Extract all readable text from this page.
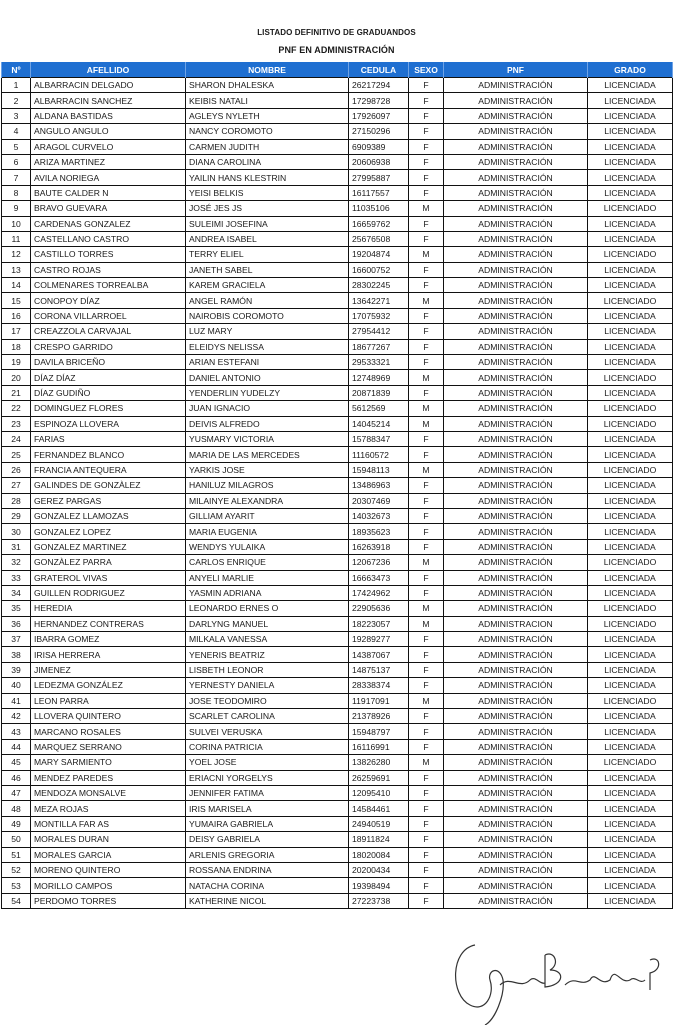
LISTADO DEFINITIVO DE GRADUANDOS
PNF EN ADMINISTRACIÓN
Nº	AFELLIDO	NOMBRE	CEDULA	SEXO	PNF	GRADO
1	ALBARRACIN DELGADO	SHARON DHALESKA	26217294	F	ADMINISTRACIÓN	LICENCIADA
2	ALBARRACIN SANCHEZ	KEIBIS NATALI	17298728	F	ADMINISTRACIÓN	LICENCIADA
3	ALDANA BASTIDAS	AGLEYS NYLETH	17926097	F	ADMINISTRACIÓN	LICENCIADA
4	ANGULO ANGULO	NANCY COROMOTO	27150296	F	ADMINISTRACIÓN	LICENCIADA
5	ARAGOL CURVELO	CARMEN JUDITH	6909389	F	ADMINISTRACIÓN	LICENCIADA
6	ARIZA MARTINEZ	DIANA CAROLINA	20606938	F	ADMINISTRACIÓN	LICENCIADA
7	AVILA NORIEGA	YAILIN HANS KLESTRIN	27995887	F	ADMINISTRACIÓN	LICENCIADA
8	BAUTE CALDER N	YEISI BELKIS	16117557	F	ADMINISTRACIÓN	LICENCIADA
9	BRAVO GUEVARA	JOSÉ JES JS	11035106	M	ADMINISTRACIÓN	LICENCIADO
10	CARDENAS GONZALEZ	SULEIMI JOSEFINA	16659762	F	ADMINISTRACIÓN	LICENCIADA
11	CASTELLANO CASTRO	ANDREA ISABEL	25676508	F	ADMINISTRACIÓN	LICENCIADA
12	CASTILLO TORRES	TERRY ELIEL	19204874	M	ADMINISTRACIÓN	LICENCIADO
13	CASTRO ROJAS	JANETH SABEL	16600752	F	ADMINISTRACIÓN	LICENCIADA
14	COLMENARES TORREALBA	KAREM GRACIELA	28302245	F	ADMINISTRACIÓN	LICENCIADA
15	CONOPOY DÍAZ	ANGEL RAMÓN	13642271	M	ADMINISTRACIÓN	LICENCIADO
16	CORONA VILLARROEL	NAIROBIS COROMOTO	17075932	F	ADMINISTRACIÓN	LICENCIADA
17	CREAZZOLA CARVAJAL	LUZ MARY	27954412	F	ADMINISTRACIÓN	LICENCIADA
18	CRESPO GARRIDO	ELEIDYS NELISSA	18677267	F	ADMINISTRACIÓN	LICENCIADA
19	DAVILA BRICEÑO	ARIAN ESTEFANI	29533321	F	ADMINISTRACIÓN	LICENCIADA
20	DÍAZ DÍAZ	DANIEL ANTONIO	12748969	M	ADMINISTRACIÓN	LICENCIADO
21	DÍAZ GUDIÑO	YENDERLIN YUDELZY	20871839	F	ADMINISTRACIÓN	LICENCIADA
22	DOMINGUEZ FLORES	JUAN IGNACIO	5612569	M	ADMINISTRACIÓN	LICENCIADO
23	ESPINOZA LLOVERA	DEIVIS ALFREDO	14045214	M	ADMINISTRACIÓN	LICENCIADO
24	FARIAS	YUSMARY VICTORIA	15788347	F	ADMINISTRACIÓN	LICENCIADA
25	FERNANDEZ BLANCO	MARIA DE LAS MERCEDES	11160572	F	ADMINISTRACIÓN	LICENCIADA
26	FRANCIA ANTEQUERA	YARKIS JOSE	15948113	M	ADMINISTRACIÓN	LICENCIADO
27	GALINDES DE GONZÀLEZ	HANILUZ MILAGROS	13486963	F	ADMINISTRACIÓN	LICENCIADA
28	GEREZ PARGAS	MILAINYE ALEXANDRA	20307469	F	ADMINISTRACIÓN	LICENCIADA
29	GONZALEZ LLAMOZAS	GILLIAM AYARIT	14032673	F	ADMINISTRACIÓN	LICENCIADA
30	GONZALEZ LOPEZ	MARIA EUGENIA	18935623	F	ADMINISTRACIÓN	LICENCIADA
31	GONZALEZ MARTINEZ	WENDYS YULAIKA	16263918	F	ADMINISTRACIÓN	LICENCIADA
32	GONZÀLEZ PARRA	CARLOS ENRIQUE	12067236	M	ADMINISTRACIÓN	LICENCIADO
33	GRATEROL VIVAS	ANYELI MARLIE	16663473	F	ADMINISTRACIÓN	LICENCIADA
34	GUILLEN RODRIGUEZ	YASMIN ADRIANA	17424962	F	ADMINISTRACIÓN	LICENCIADA
35	HEREDIA	LEONARDO ERNES O	22905636	M	ADMINISTRACIÓN	LICENCIADO
36	HERNANDEZ CONTRERAS	DARLYNG MANUEL	18223057	M	ADMINISTRACION	LICENCIADO
37	IBARRA GOMEZ	MILKALA VANESSA	19289277	F	ADMINISTRACIÓN	LICENCIADA
38	IRISA HERRERA	YENERIS BEATRIZ	14387067	F	ADMINISTRACIÓN	LICENCIADA
39	JIMENEZ	LISBETH LEONOR	14875137	F	ADMINISTRACIÓN	LICENCIADA
40	LEDEZMA GONZÁLEZ	YERNESTY DANIELA	28338374	F	ADMINISTRACIÓN	LICENCIADA
41	LEON PARRA	JOSE TEODOMIRO	11917091	M	ADMINISTRACIÓN	LICENCIADO
42	LLOVERA QUINTERO	SCARLET CAROLINA	21378926	F	ADMINISTRACIÓN	LICENCIADA
43	MARCANO ROSALES	SULVEI VERUSKA	15948797	F	ADMINISTRACIÓN	LICENCIADA
44	MARQUEZ SERRANO	CORINA PATRICIA	16116991	F	ADMINISTRACIÓN	LICENCIADA
45	MARY SARMIENTO	YOEL JOSE	13826280	M	ADMINISTRACIÓN	LICENCIADO
46	MENDEZ PAREDES	ERIACNI YORGELYS	26259691	F	ADMINISTRACIÓN	LICENCIADA
47	MENDOZA MONSALVE	JENNIFER FATIMA	12095410	F	ADMINISTRACIÓN	LICENCIADA
48	MEZA ROJAS	IRIS MARISELA	14584461	F	ADMINISTRACIÓN	LICENCIADA
49	MONTILLA FAR AS	YUMAIRA GABRIELA	24940519	F	ADMINISTRACIÓN	LICENCIADA
50	MORALES DURAN	DEISY GABRIELA	18911824	F	ADMINISTRACIÓN	LICENCIADA
51	MORALES GARCIA	ARLENIS GREGORIA	18020084	F	ADMINISTRACIÓN	LICENCIADA
52	MORENO QUINTERO	ROSSANA ENDRINA	20200434	F	ADMINISTRACIÓN	LICENCIADA
53	MORILLO CAMPOS	NATACHA CORINA	19398494	F	ADMINISTRACIÓN	LICENCIADA
54	PERDOMO TORRES	KATHERINE NICOL	27223738	F	ADMINISTRACIÓN	LICENCIADA
